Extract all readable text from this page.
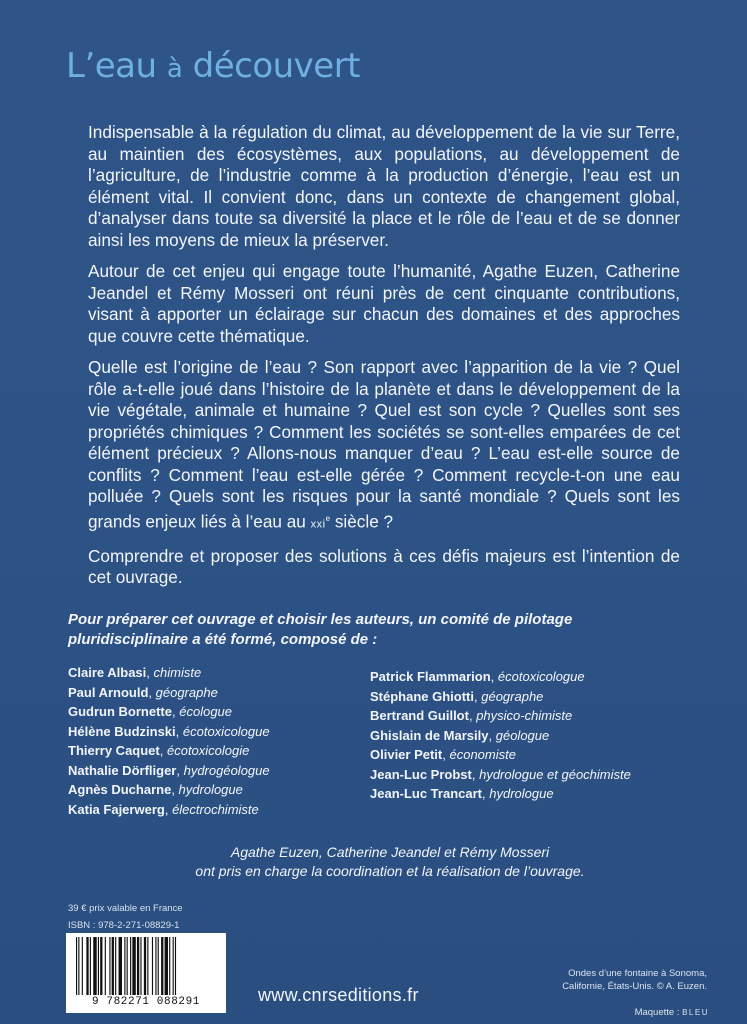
L’eau à découvert

Indispensable à la régulation du climat, au développement de la vie sur Terre, au maintien des écosystèmes, aux populations, au développement de l’agriculture, de l’industrie comme à la production d’énergie, l’eau est un élément vital. Il convient donc, dans un contexte de changement global, d’analyser dans toute sa diversité la place et le rôle de l’eau et de se donner ainsi les moyens de mieux la préserver.

Autour de cet enjeu qui engage toute l’humanité, Agathe Euzen, Catherine Jeandel et Rémy Mosseri ont réuni près de cent cinquante contributions, visant à apporter un éclairage sur chacun des domaines et des approches que couvre cette thématique.

Quelle est l’origine de l’eau ? Son rapport avec l’apparition de la vie ? Quel rôle a-t-elle joué dans l’histoire de la planète et dans le développement de la vie végétale, animale et humaine ? Quel est son cycle ? Quelles sont ses propriétés chimiques ? Comment les sociétés se sont-elles emparées de cet élément précieux ? Allons-nous manquer d’eau ? L’eau est-elle source de conflits ? Comment l’eau est-elle gérée ? Comment recycle-t-on une eau polluée ? Quels sont les risques pour la santé mondiale ? Quels sont les grands enjeux liés à l’eau au xxi$^e$ siècle ?

Comprendre et proposer des solutions à ces défis majeurs est l’intention de cet ouvrage.

Pour préparer cet ouvrage et choisir les auteurs, un comité de pilotage pluridisciplinaire a été formé, composé de :
Claire Albasi, chimiste
Paul Arnould, géographe
Gudrun Bornette, écologue
Hélène Budzinski, écotoxicologue
Thierry Caquet, écotoxicologie
Nathalie Dörfliger, hydrogéologue
Agnès Ducharne, hydrologue
Katia Fajerwerg, électrochimiste
Patrick Flammarion, écotoxicologue
Stéphane Ghiotti, géographe
Bertrand Guillot, physico-chimiste
Ghislain de Marsily, géologue
Olivier Petit, économiste
Jean-Luc Probst, hydrologue et géochimiste
Jean-Luc Trancart, hydrologue
Agathe Euzen, Catherine Jeandel et Rémy Mosseri
ont pris en charge la coordination et la réalisation de l’ouvrage.
39 € prix valable en France
ISBN : 978-2-271-08829-1
9 782271 088291	www.cnrseditions.fr
Ondes d’une fontaine à Sonoma,
Californie, États-Unis. © A. Euzen.
Maquette : BLEU
